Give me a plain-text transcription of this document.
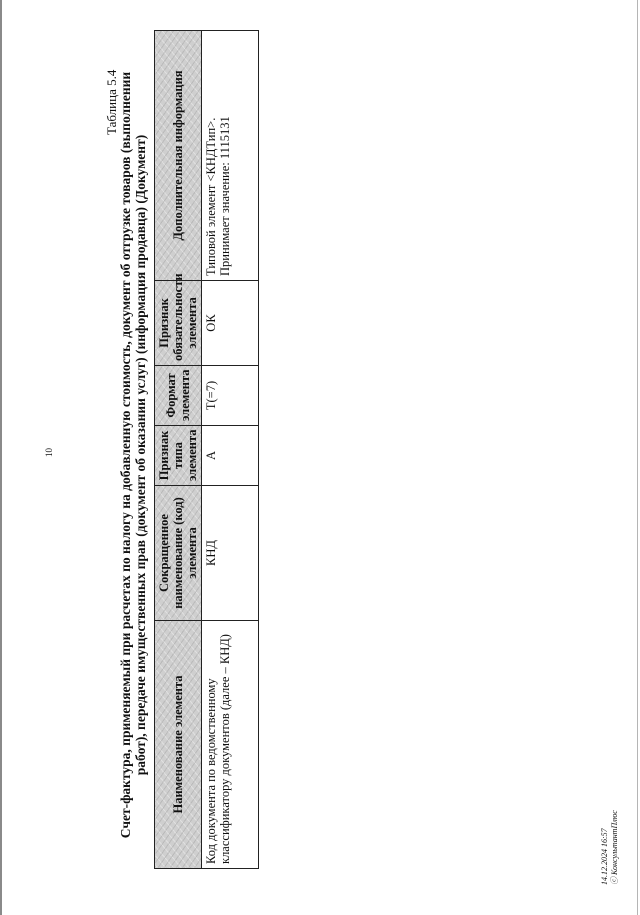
10
Таблица 5.4 Счет-фактура, применяемый при расчетах по налогу на добавленную стоимость, документ об отгрузке товаров (выполнении работ), передаче имущественных прав (документ об оказании услуг) (информация продавца) (Документ) Наименование элемента	Сокращенное наименование (код) элемента	Признак типа элемента	Формат элемента	Признак обязательности элемента	Дополнительная информация
Код документа по ведомственному классификатору документов (далее – КНД)	КНД	А	T(=7)	ОК	Типовой элемент <КНДТип>. Принимает значение: 1115131
14.12.2024 16:57 ⓒ КонсультантПлюс
